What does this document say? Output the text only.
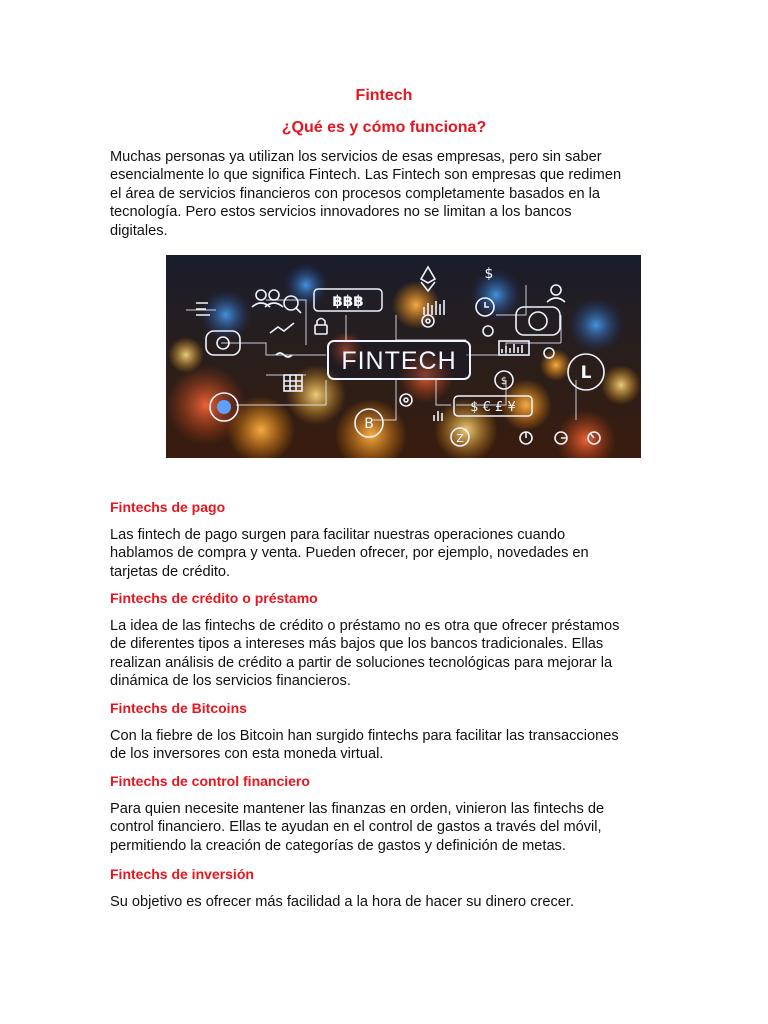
Fintech
¿Qué es y cómo funciona?
Muchas personas ya utilizan los servicios de esas empresas, pero sin saber
esencialmente lo que significa Fintech. Las Fintech son empresas que redimen
el área de servicios financieros con procesos completamente basados en la
tecnología. Pero estos servicios innovadores no se limitan a los bancos
digitales.
FINTECH
฿฿฿
$ € £ ¥
B
L
$
Z
$
Fintechs de pago
Las fintech de pago surgen para facilitar nuestras operaciones cuando
hablamos de compra y venta. Pueden ofrecer, por ejemplo, novedades en
tarjetas de crédito.
Fintechs de crédito o préstamo
La idea de las fintechs de crédito o préstamo no es otra que ofrecer préstamos
de diferentes tipos a intereses más bajos que los bancos tradicionales. Ellas
realizan análisis de crédito a partir de soluciones tecnológicas para mejorar la
dinámica de los servicios financieros.
Fintechs de Bitcoins
Con la fiebre de los Bitcoin han surgido fintechs para facilitar las transacciones
de los inversores con esta moneda virtual.
Fintechs de control financiero
Para quien necesite mantener las finanzas en orden, vinieron las fintechs de
control financiero. Ellas te ayudan en el control de gastos a través del móvil,
permitiendo la creación de categorías de gastos y definición de metas.
Fintechs de inversión
Su objetivo es ofrecer más facilidad a la hora de hacer su dinero crecer.
